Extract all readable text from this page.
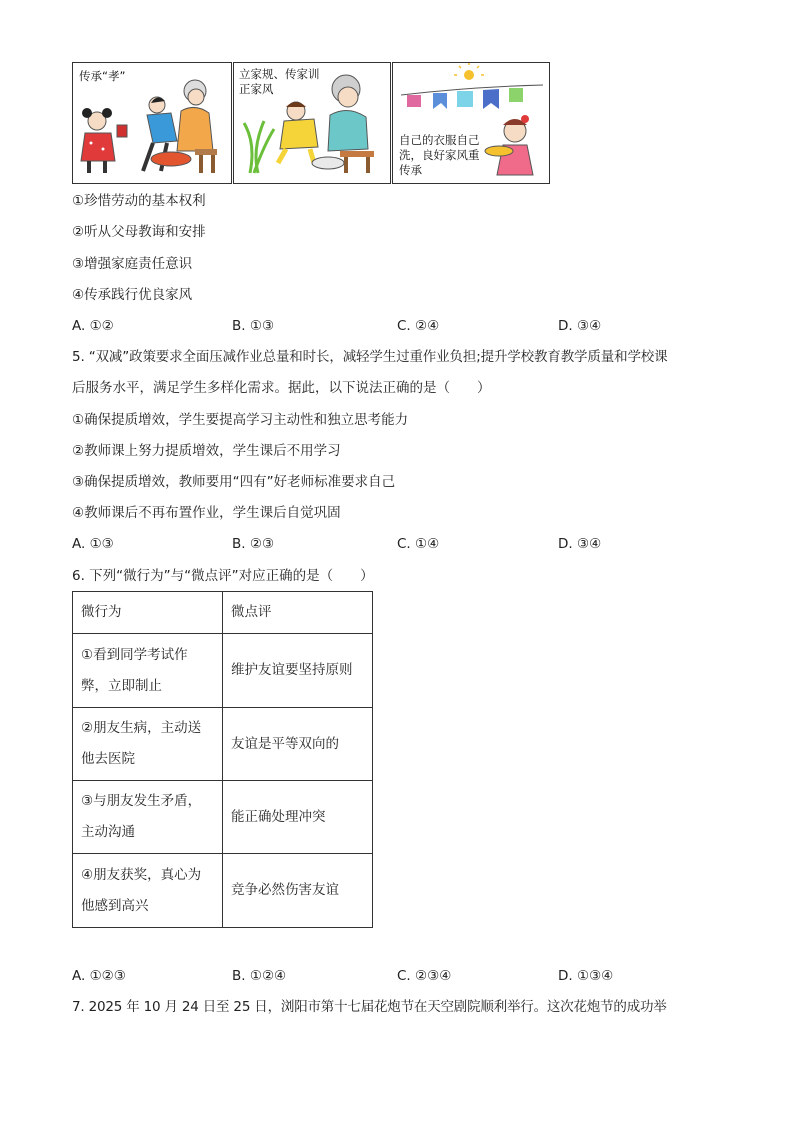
传承“孝”	立家规、传家训
正家风
自己的衣服自己
洗，良好家风重
传承
①珍惜劳动的基本权利
②听从父母教诲和安排
③增强家庭责任意识
④传承践行优良家风
A. ①②	B. ①③	C. ②④	D. ③④
5. “双减”政策要求全面压减作业总量和时长，减轻学生过重作业负担;提升学校教育教学质量和学校课
后服务水平，满足学生多样化需求。据此，以下说法正确的是（　　）
①确保提质增效，学生要提高学习主动性和独立思考能力
②教师课上努力提质增效，学生课后不用学习
③确保提质增效，教师要用“四有”好老师标准要求自己
④教师课后不再布置作业，学生课后自觉巩固
A. ①③	B. ②③	C. ①④	D. ③④
6. 下列“微行为”与“微点评”对应正确的是（　　）
微行为	微点评

①看到同学考试作
弊，立即制止	维护友谊要坚持原则

②朋友生病，主动送
他去医院	友谊是平等双向的

③与朋友发生矛盾，
主动沟通	能正确处理冲突

④朋友获奖，真心为
他感到高兴	竞争必然伤害友谊
A. ①②③	B. ①②④	C. ②③④	D. ①③④
7. 2025 年 10 月 24 日至 25 日，浏阳市第十七届花炮节在天空剧院顺利举行。这次花炮节的成功举
